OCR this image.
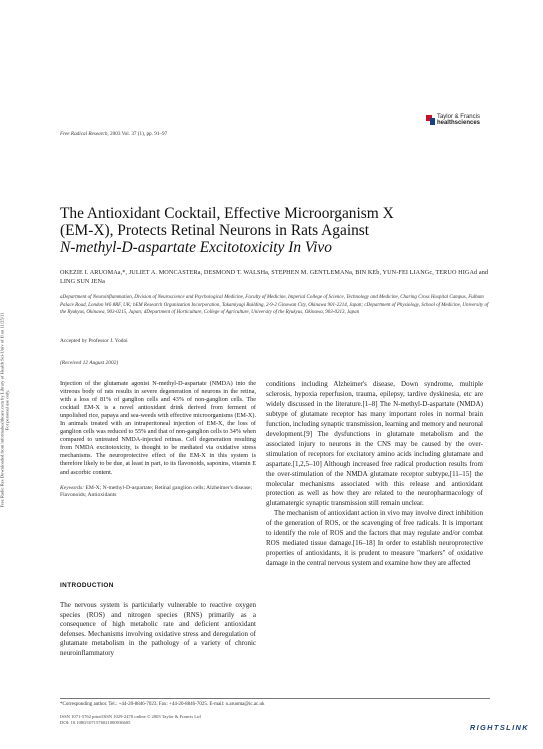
Free Radic Res Downloaded from informahealthcare.com by Library of Health Sci-Univ of Il on 11/25/11 For personal use only.
Free Radical Research, 2003 Vol. 37 (1), pp. 91–97
Taylor & Francis
healthsciences
The Antioxidant Cocktail, Effective Microorganism X
(EM-X), Protects Retinal Neurons in Rats Against
N-methyl-D-aspartate Excitotoxicity In Vivo
OKEZIE I. ARUOMAa,*, JULIET A. MONCASTERa, DESMOND T. WALSHa, STEPHEN M. GENTLEMANa, BIN KEb, YUN-FEI LIANGc, TERUO HIGAd and LING SUN JENa
aDepartment of Neuroinflammation, Division of Neuroscience and Psychological Medicine, Faculty of Medicine, Imperial College of Science, Technology and Medicine, Charing Cross Hospital Campus, Fulham Palace Road, London W6 8RF, UK; bEM Research Organization Incorporation, Takamiyagi Building, 2-9-2 Ginowan City, Okinawa 901-2214, Japan; cDepartment of Physiology, School of Medicine, University of the Ryukyus, Okinawa, 903-0215, Japan; dDepartment of Horticulture, College of Agriculture, University of the Ryukyus, Okinawa, 903-0213, Japan
Accepted by Professor J. Yodoi
(Received 12 August 2002)

Injection of the glutamate agonist N-methyl-D-aspartate (NMDA) into the vitreous body of rats results in severe degeneration of neurons in the retina, with a loss of 81% of ganglion cells and 43% of non-ganglion cells. The cocktail EM-X is a novel antioxidant drink derived from ferment of unpolished rice, papaya and sea-weeds with effective microorganisms (EM-X). In animals treated with an intraperitoneal injection of EM-X, the loss of ganglion cells was reduced to 55% and that of non-ganglion cells to 34% when compared to untreated NMDA-injected retinas. Cell degeneration resulting from NMDA excitotoxicity, is thought to be mediated via oxidative stress mechanisms. The neuroprotective effect of the EM-X in this system is therefore likely to be due, at least in part, to its flavonoids, saponins, vitamin E and ascorbic content.

Keywords: EM-X; N-methyl-D-aspartate; Retinal ganglion cells; Alzheimer's disease; Flavonoids; Antioxidants

INTRODUCTION

The nervous system is particularly vulnerable to reactive oxygen species (ROS) and nitrogen species (RNS) primarily as a consequence of high metabolic rate and deficient antioxidant defenses. Mechanisms involving oxidative stress and deregulation of glutamate metabolism in the pathology of a variety of chronic neuroinflammatory

conditions including Alzheimer's disease, Down syndrome, multiple sclerosis, hypoxia reperfusion, trauma, epilepsy, tardive dyskinesia, etc are widely discussed in the literature.[1–8] The N-methyl-D-aspartate (NMDA) subtype of glutamate receptor has many important roles in normal brain function, including synaptic transmission, learning and memory and neuronal development.[9] The dysfunctions in glutamate metabolism and the associated injury to neurons in the CNS may be caused by the over-stimulation of receptors for excitatory amino acids including glutamate and aspartate.[1,2,5–10] Although increased free radical production results from the over-stimulation of the NMDA glutamate receptor subtype,[11–15] the molecular mechanisms associated with this release and antioxidant protection as well as how they are related to the neuropharmacology of glutamatergic synaptic transmission still remain unclear.

The mechanism of antioxidant action in vivo may involve direct inhibition of the generation of ROS, or the scavenging of free radicals. It is important to identify the role of ROS and the factors that may regulate and/or combat ROS mediated tissue damage.[16–18] In order to establish neuroprotective properties of antioxidants, it is prudent to measure "markers" of oxidative damage in the central nervous system and examine how they are affected

*Corresponding author. Tel.: +44-20-8846-7023. Fax: +44-20-8846-7025. E-mail: o.aruoma@ic.ac.uk
ISSN 1071-5762 print/ISSN 1029-2470 online © 2003 Taylor & Francis Ltd
DOI: 10.1080/1071576021000036605
RIGHTSLINK
